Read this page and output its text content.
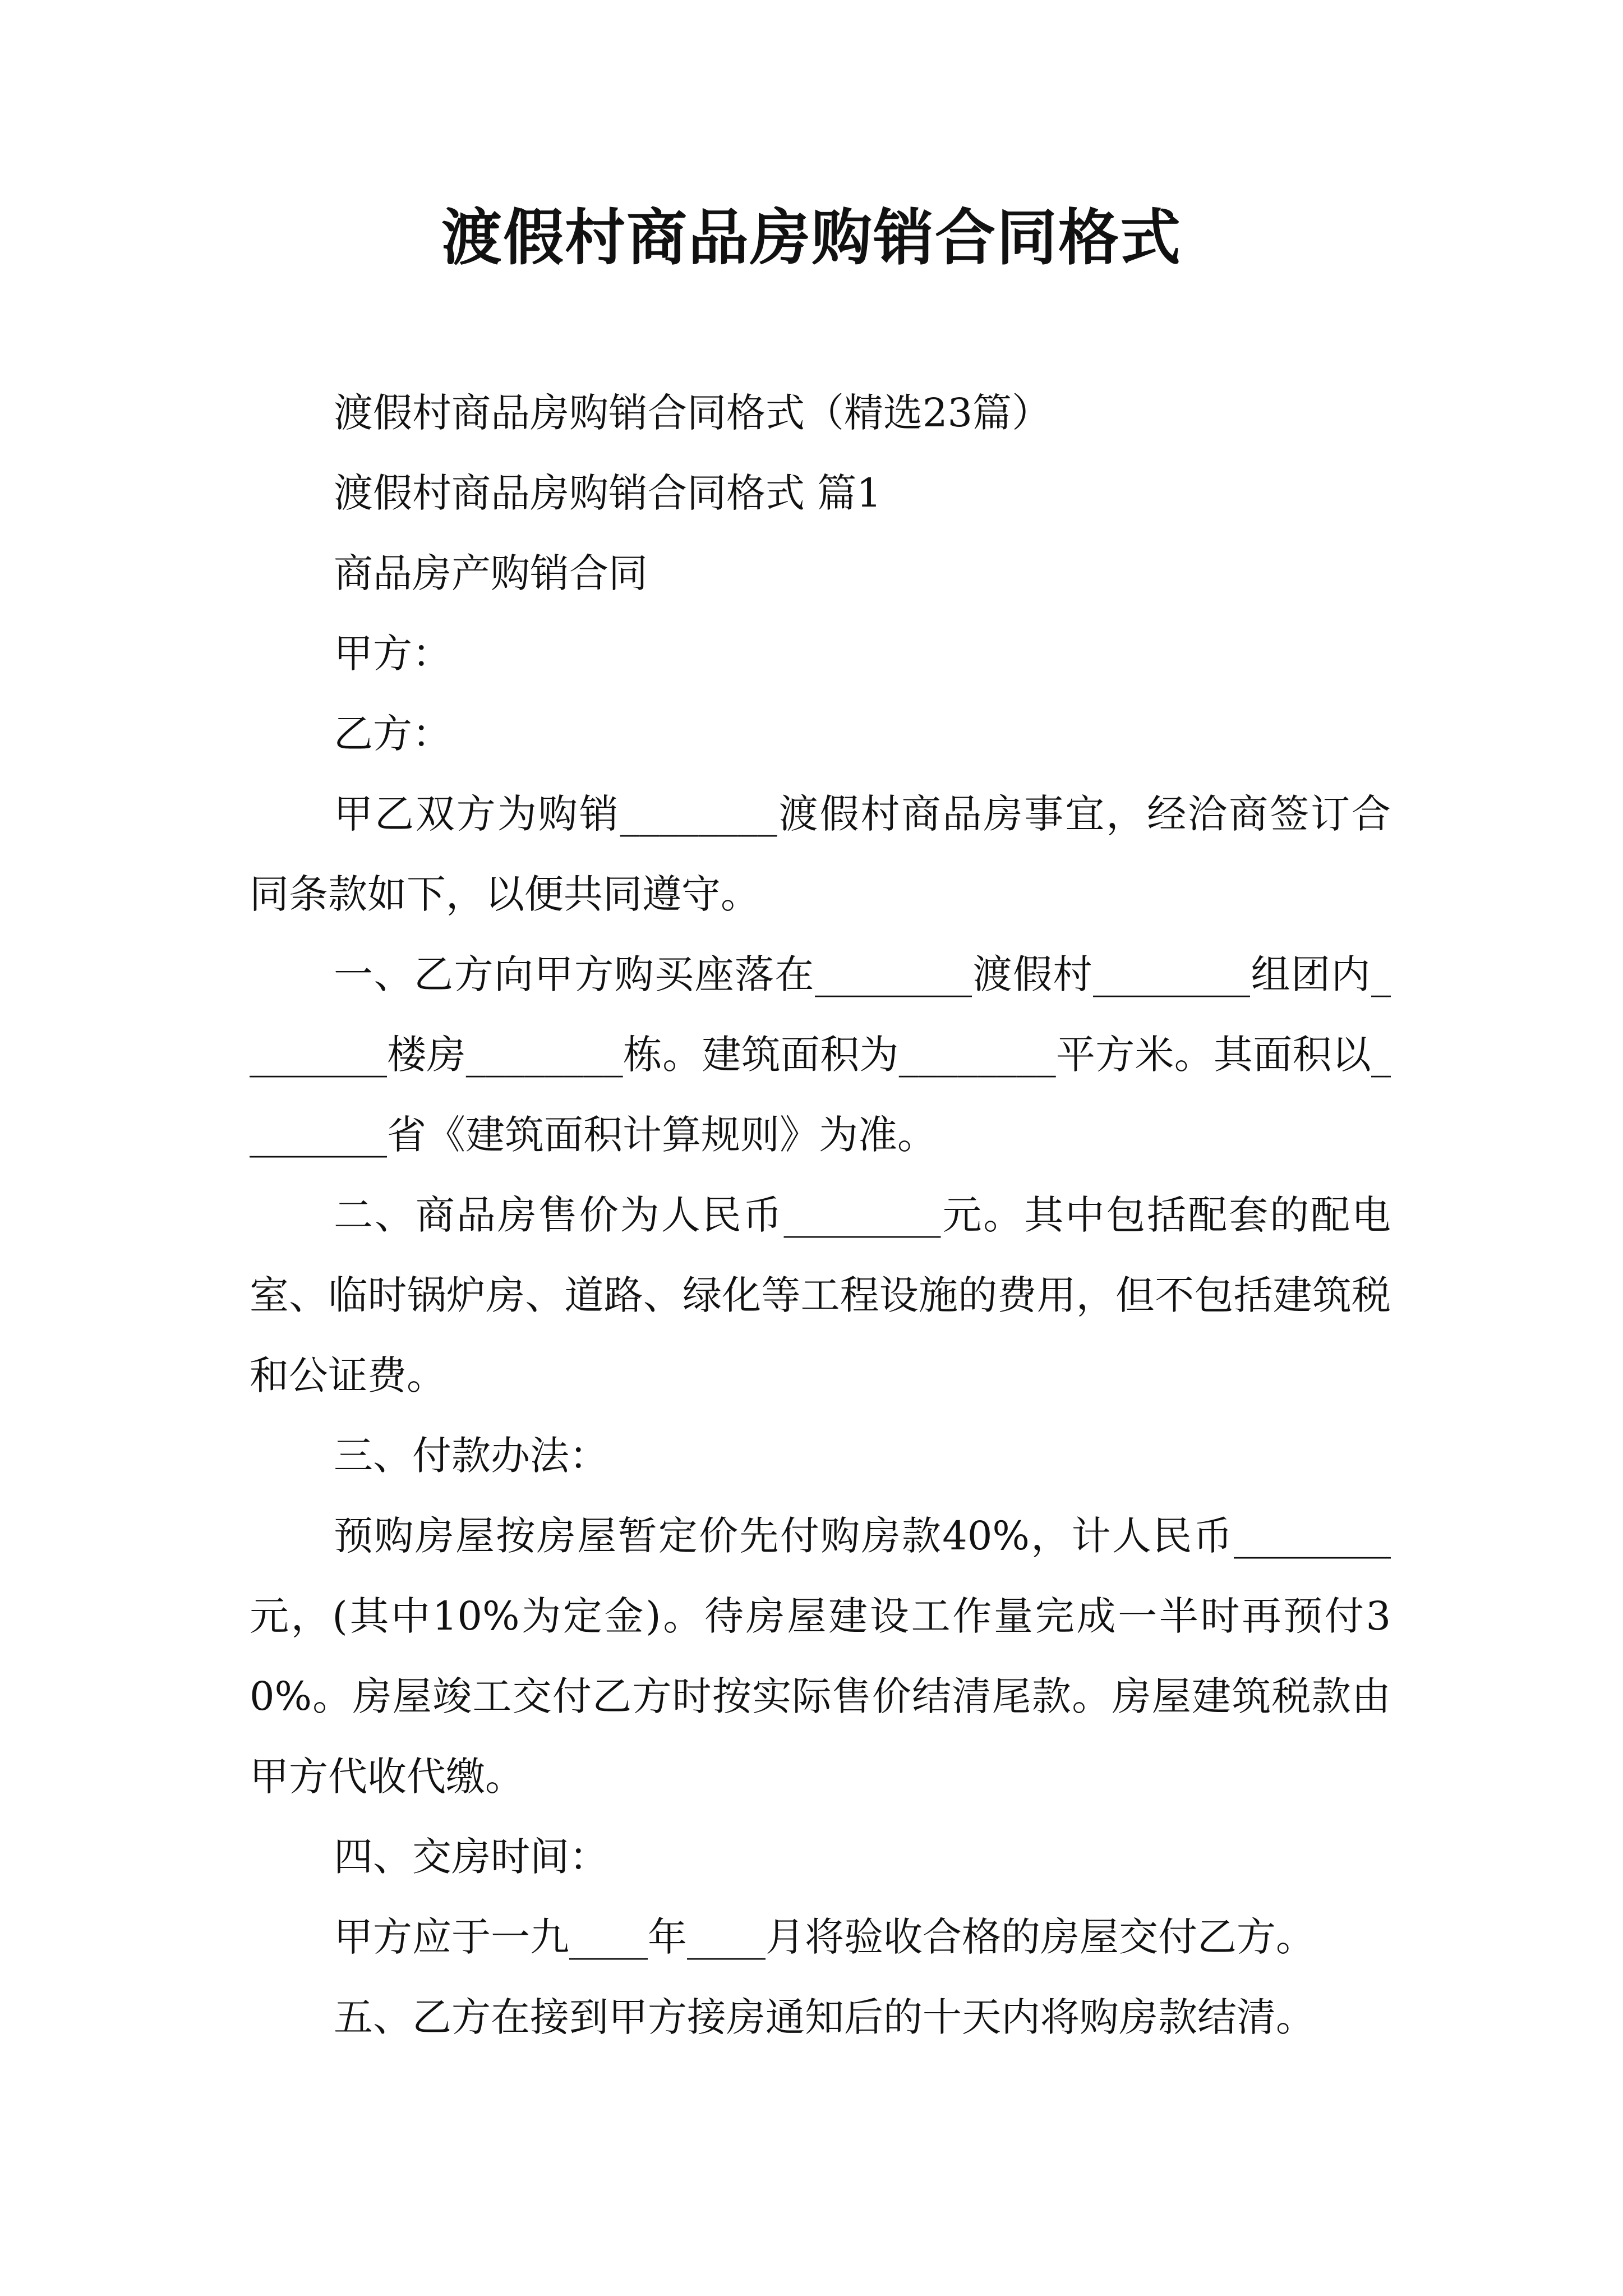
渡假村商品房购销合同格式

渡假村商品房购销合同格式（精选23篇）

渡假村商品房购销合同格式 篇1

商品房产购销合同

甲方：

乙方：

甲乙双方为购销________渡假村商品房事宜，经洽商签订合同条款如下，以便共同遵守。

一、乙方向甲方购买座落在________渡假村________组团内________楼房________栋。建筑面积为________平方米。其面积以________省《建筑面积计算规则》为准。

二、商品房售价为人民币________元。其中包括配套的配电室、临时锅炉房、道路、绿化等工程设施的费用，但不包括建筑税和公证费。

三、付款办法：

预购房屋按房屋暂定价先付购房款40%，计人民币________元，(其中10%为定金)。待房屋建设工作量完成一半时再预付30%。房屋竣工交付乙方时按实际售价结清尾款。房屋建筑税款由甲方代收代缴。

四、交房时间：

甲方应于一九____年____月将验收合格的房屋交付乙方。

五、乙方在接到甲方接房通知后的十天内将购房款结清。
